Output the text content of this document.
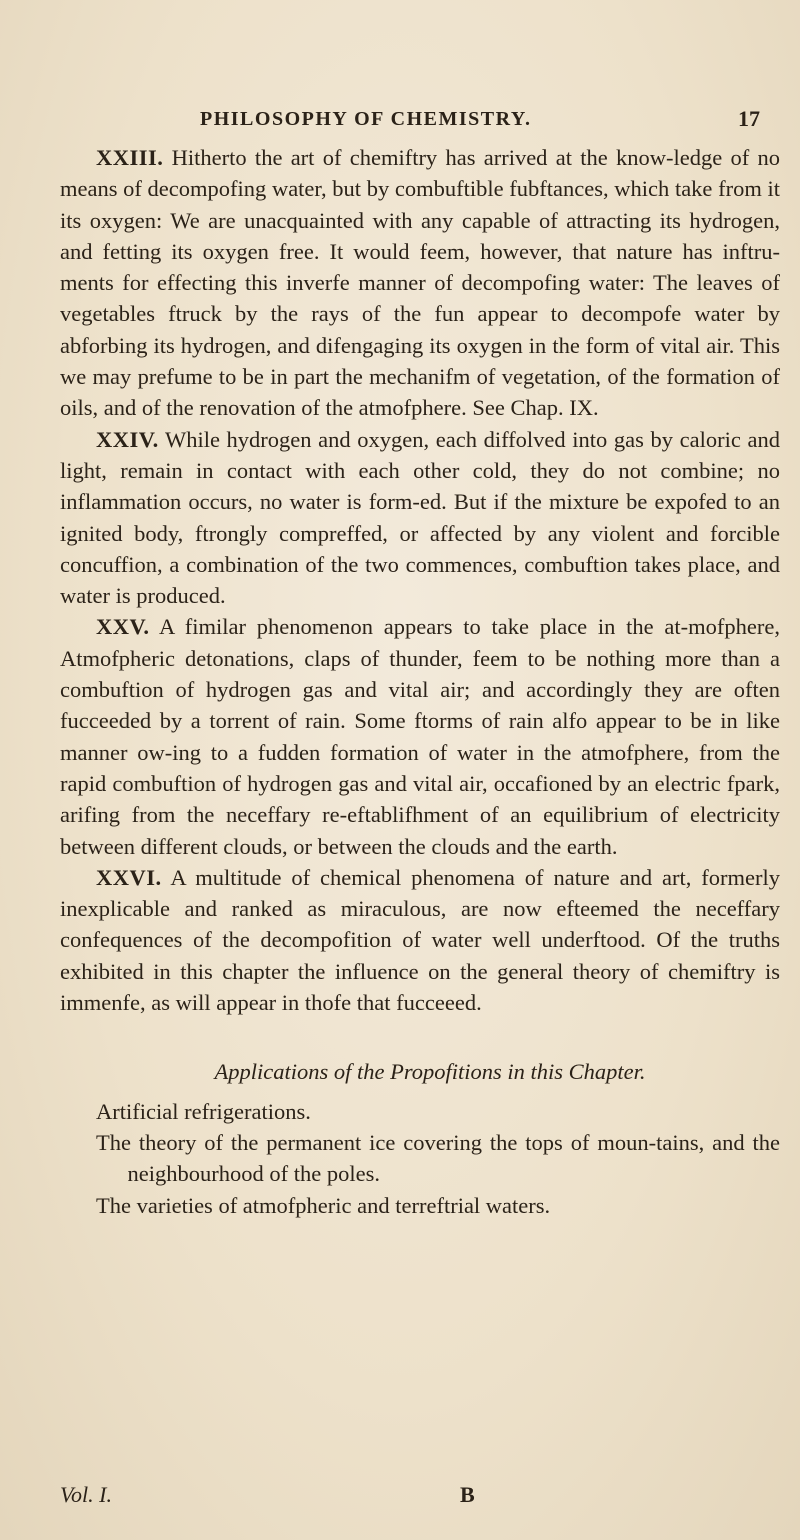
PHILOSOPHY OF CHEMISTRY.	17

XXIII. Hitherto the art of chemiftry has arrived at the know-ledge of no means of decompofing water, but by combuftible fubftances, which take from it its oxygen: We are unacquainted with any capable of attracting its hydrogen, and fetting its oxygen free. It would feem, however, that nature has inftru-ments for effecting this inverfe manner of decompofing water: The leaves of vegetables ftruck by the rays of the fun appear to decompofe water by abforbing its hydrogen, and difengaging its oxygen in the form of vital air. This we may prefume to be in part the mechanifm of vegetation, of the formation of oils, and of the renovation of the atmofphere. See Chap. IX.

XXIV. While hydrogen and oxygen, each diffolved into gas by caloric and light, remain in contact with each other cold, they do not combine; no inflammation occurs, no water is form-ed. But if the mixture be expofed to an ignited body, ftrongly compreffed, or affected by any violent and forcible concuffion, a combination of the two commences, combuftion takes place, and water is produced.

XXV. A fimilar phenomenon appears to take place in the at-mofphere, Atmofpheric detonations, claps of thunder, feem to be nothing more than a combuftion of hydrogen gas and vital air; and accordingly they are often fucceeded by a torrent of rain. Some ftorms of rain alfo appear to be in like manner ow-ing to a fudden formation of water in the atmofphere, from the rapid combuftion of hydrogen gas and vital air, occafioned by an electric fpark, arifing from the neceffary re-eftablifhment of an equilibrium of electricity between different clouds, or between the clouds and the earth.

XXVI. A multitude of chemical phenomena of nature and art, formerly inexplicable and ranked as miraculous, are now efteemed the neceffary confequences of the decompofition of water well underftood. Of the truths exhibited in this chapter the influence on the general theory of chemiftry is immenfe, as will appear in thofe that fucceeed.

Applications of the Propofitions in this Chapter.
Artificial refrigerations.
The theory of the permanent ice covering the tops of moun-tains, and the neighbourhood of the poles.
The varieties of atmofpheric and terreftrial waters.
Vol. I.	B
